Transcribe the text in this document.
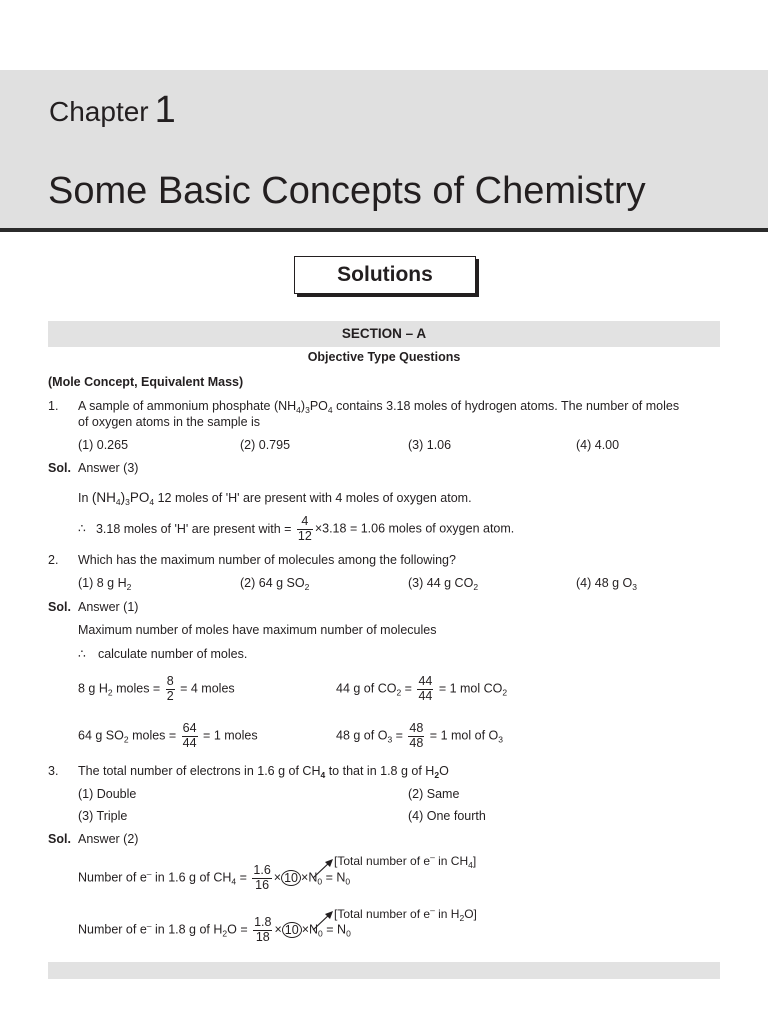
Chapter 1
Some Basic Concepts of Chemistry
Solutions
SECTION – A
Objective Type Questions
(Mole Concept, Equivalent Mass)
1. A sample of ammonium phosphate $(NH_4)_3PO_4$ contains 3.18 moles of hydrogen atoms. The number of moles
of oxygen atoms in the sample is
(1) 0.265	(2) 0.795	(3) 1.06	(4) 4.00
Sol. Answer (3)
In $(NH_4)_3PO_4$ 12 moles of 'H' are present with 4 moles of oxygen atom.
∴ 3.18 moles of 'H' are present with = $\frac{4}{12} \times 3.18 = 1.06$ moles of oxygen atom.
2. Which has the maximum number of molecules among the following?
(1) 8 g $H_2$	(2) 64 g $SO_2$	(3) 44 g $CO_2$	(4) 48 g $O_3$
Sol. Answer (1)
Maximum number of moles have maximum number of molecules
∴ calculate number of moles.
8 g $H_2$ moles = $\frac{8}{2} = 4$ moles	44 g of $CO_2 = \frac{44}{44} = 1$ mol $CO_2$
64 g $SO_2$ moles = $\frac{64}{44} = 1$ moles	48 g of $O_3 = \frac{48}{48} = 1$ mol of $O_3$
3. The total number of electrons in 1.6 g of $CH_4$ to that in 1.8 g of $H_2O$
(1) Double	(2) Same
(3) Triple	(4) One fourth
Sol. Answer (2)
[Total number of e– in $CH_4$]
Number of e– in 1.6 g of $CH_4 = \frac{1.6}{16} \times 10 \times N_0 = N_0$
[Total number of e– in $H_2O$]
Number of e– in 1.8 g of $H_2O = \frac{1.8}{18} \times 10 \times N_0 = N_0$
